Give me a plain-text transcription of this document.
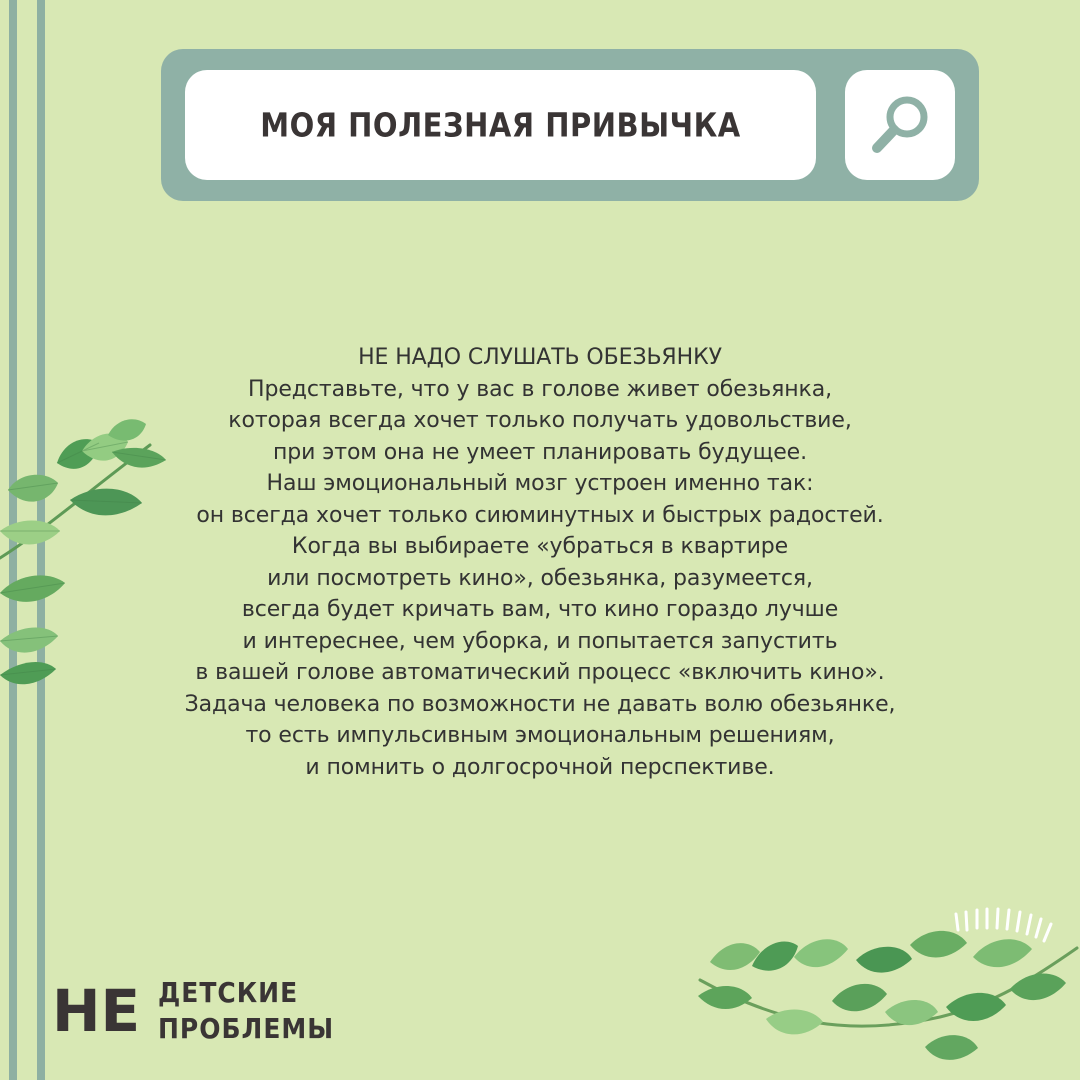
МОЯ ПОЛЕЗНАЯ ПРИВЫЧКА
НЕ НАДО СЛУШАТЬ ОБЕЗЬЯНКУ
Представьте, что у вас в голове живет обезьянка,
которая всегда хочет только получать удовольствие,
при этом она не умеет планировать будущее.
Наш эмоциональный мозг устроен именно так:
он всегда хочет только сиюминутных и быстрых радостей.
Когда вы выбираете «убраться в квартире
или посмотреть кино», обезьянка, разумеется,
всегда будет кричать вам, что кино гораздо лучше
и интереснее, чем уборка, и попытается запустить
в вашей голове автоматический процесс «включить кино».
Задача человека по возможности не давать волю обезьянке,
то есть импульсивным эмоциональным решениям,
и помнить о долгосрочной перспективе.
НЕ ДЕТСКИЕ
ПРОБЛЕМЫ
